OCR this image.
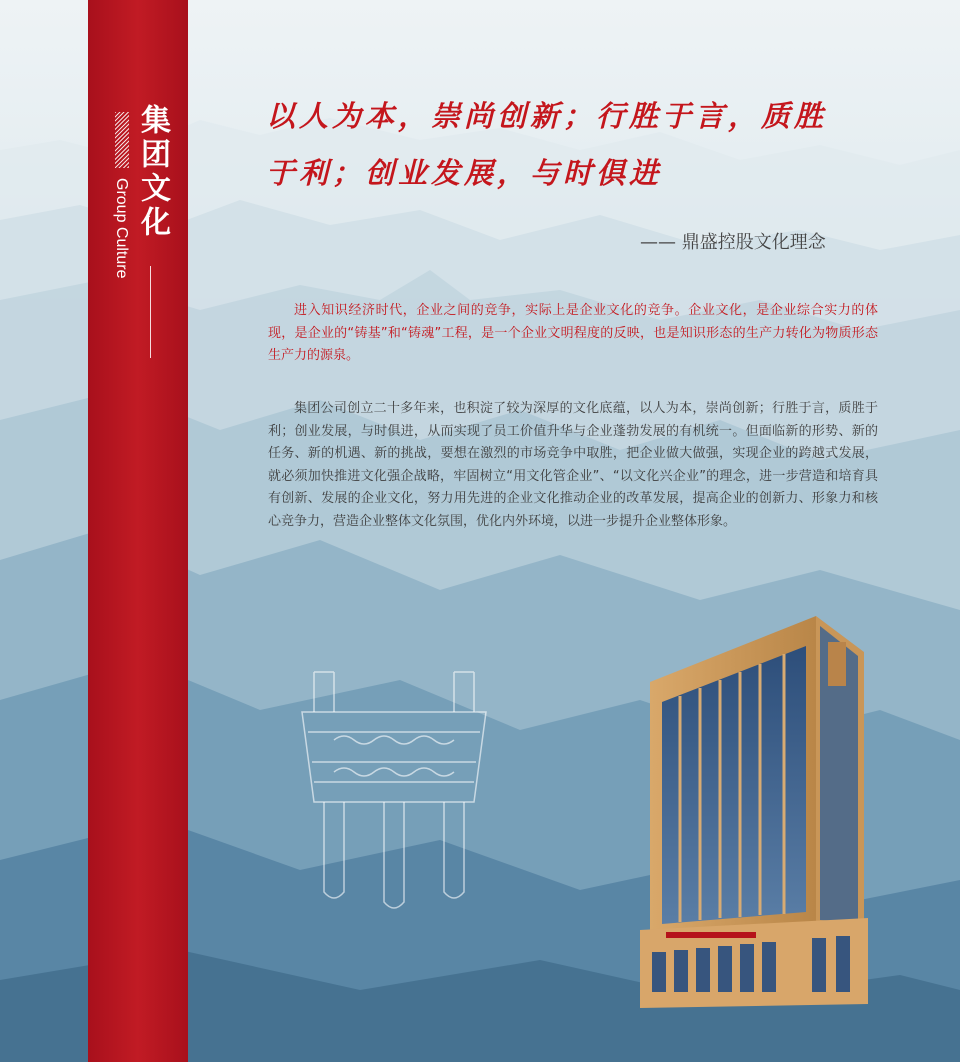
集团文化
Group Culture
以人为本，崇尚创新；行胜于言，质胜
于利；创业发展，与时俱进
—— 鼎盛控股文化理念

进入知识经济时代，企业之间的竞争，实际上是企业文化的竞争。企业文化，是企业综合实力的体现，是企业的“铸基”和“铸魂”工程，是一个企业文明程度的反映，也是知识形态的生产力转化为物质形态生产力的源泉。

集团公司创立二十多年来，也积淀了较为深厚的文化底蕴，以人为本，崇尚创新；行胜于言，质胜于利；创业发展，与时俱进，从而实现了员工价值升华与企业蓬勃发展的有机统一。但面临新的形势、新的任务、新的机遇、新的挑战，要想在激烈的市场竞争中取胜，把企业做大做强，实现企业的跨越式发展，就必须加快推进文化强企战略，牢固树立“用文化管企业”、“以文化兴企业”的理念，进一步营造和培育具有创新、发展的企业文化，努力用先进的企业文化推动企业的改革发展，提高企业的创新力、形象力和核心竞争力，营造企业整体文化氛围，优化内外环境，以进一步提升企业整体形象。
